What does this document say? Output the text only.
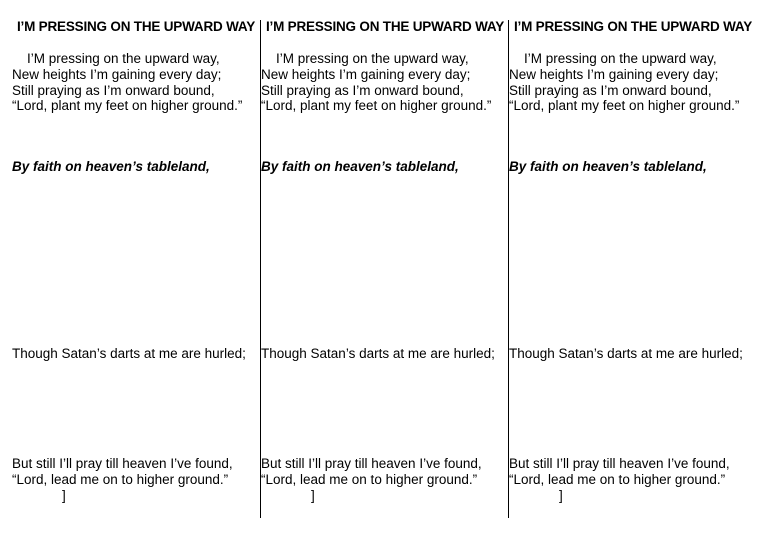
I’M PRESSING ON THE UPWARD WAY
I’M pressing on the upward way,
New heights I’m gaining every day;
Still praying as I’m onward bound,
“Lord, plant my feet on higher ground.”
By faith on heaven’s tableland,
Though Satan’s darts at me are hurled;
But still I’ll pray till heaven I’ve found,
“Lord, lead me on to higher ground.”
]
I’M PRESSING ON THE UPWARD WAY
I’M pressing on the upward way,
New heights I’m gaining every day;
Still praying as I’m onward bound,
“Lord, plant my feet on higher ground.”
By faith on heaven’s tableland,
Though Satan’s darts at me are hurled;
But still I’ll pray till heaven I’ve found,
“Lord, lead me on to higher ground.”
]
I’M PRESSING ON THE UPWARD WAY
I’M pressing on the upward way,
New heights I’m gaining every day;
Still praying as I’m onward bound,
“Lord, plant my feet on higher ground.”
By faith on heaven’s tableland,
Though Satan’s darts at me are hurled;
But still I’ll pray till heaven I’ve found,
“Lord, lead me on to higher ground.”
]
